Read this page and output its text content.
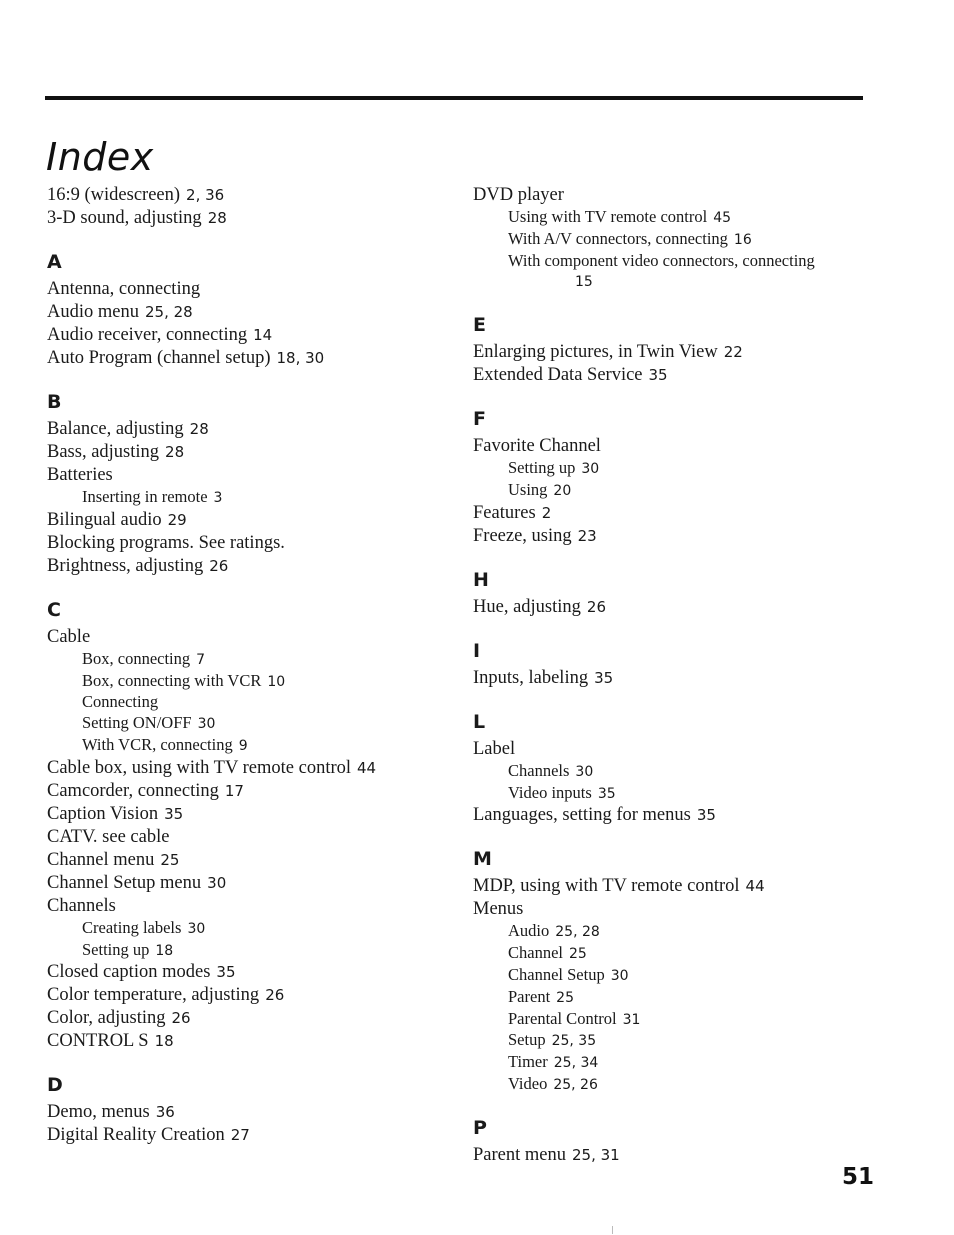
Index
16:9 (widescreen) 2, 36
3-D sound, adjusting 28
A
Antenna, connecting
Audio menu 25, 28
Audio receiver, connecting 14
Auto Program (channel setup) 18, 30
B
Balance, adjusting 28
Bass, adjusting 28
Batteries
Inserting in remote 3
Bilingual audio 29
Blocking programs. See ratings.
Brightness, adjusting 26
C
Cable
Box, connecting 7
Box, connecting with VCR 10
Connecting
Setting ON/OFF 30
With VCR, connecting 9
Cable box, using with TV remote control 44
Camcorder, connecting 17
Caption Vision 35
CATV. see cable
Channel menu 25
Channel Setup menu 30
Channels
Creating labels 30
Setting up 18
Closed caption modes 35
Color temperature, adjusting 26
Color, adjusting 26
CONTROL S 18
D
Demo, menus 36
Digital Reality Creation 27
DVD player
Using with TV remote control 45
With A/V connectors, connecting 16
With component video connectors, connecting
15
E
Enlarging pictures, in Twin View 22
Extended Data Service 35
F
Favorite Channel
Setting up 30
Using 20
Features 2
Freeze, using 23
H
Hue, adjusting 26
I
Inputs, labeling 35
L
Label
Channels 30
Video inputs 35
Languages, setting for menus 35
M
MDP, using with TV remote control 44
Menus
Audio 25, 28
Channel 25
Channel Setup 30
Parent 25
Parental Control 31
Setup 25, 35
Timer 25, 34
Video 25, 26
P
Parent menu 25, 31
51
